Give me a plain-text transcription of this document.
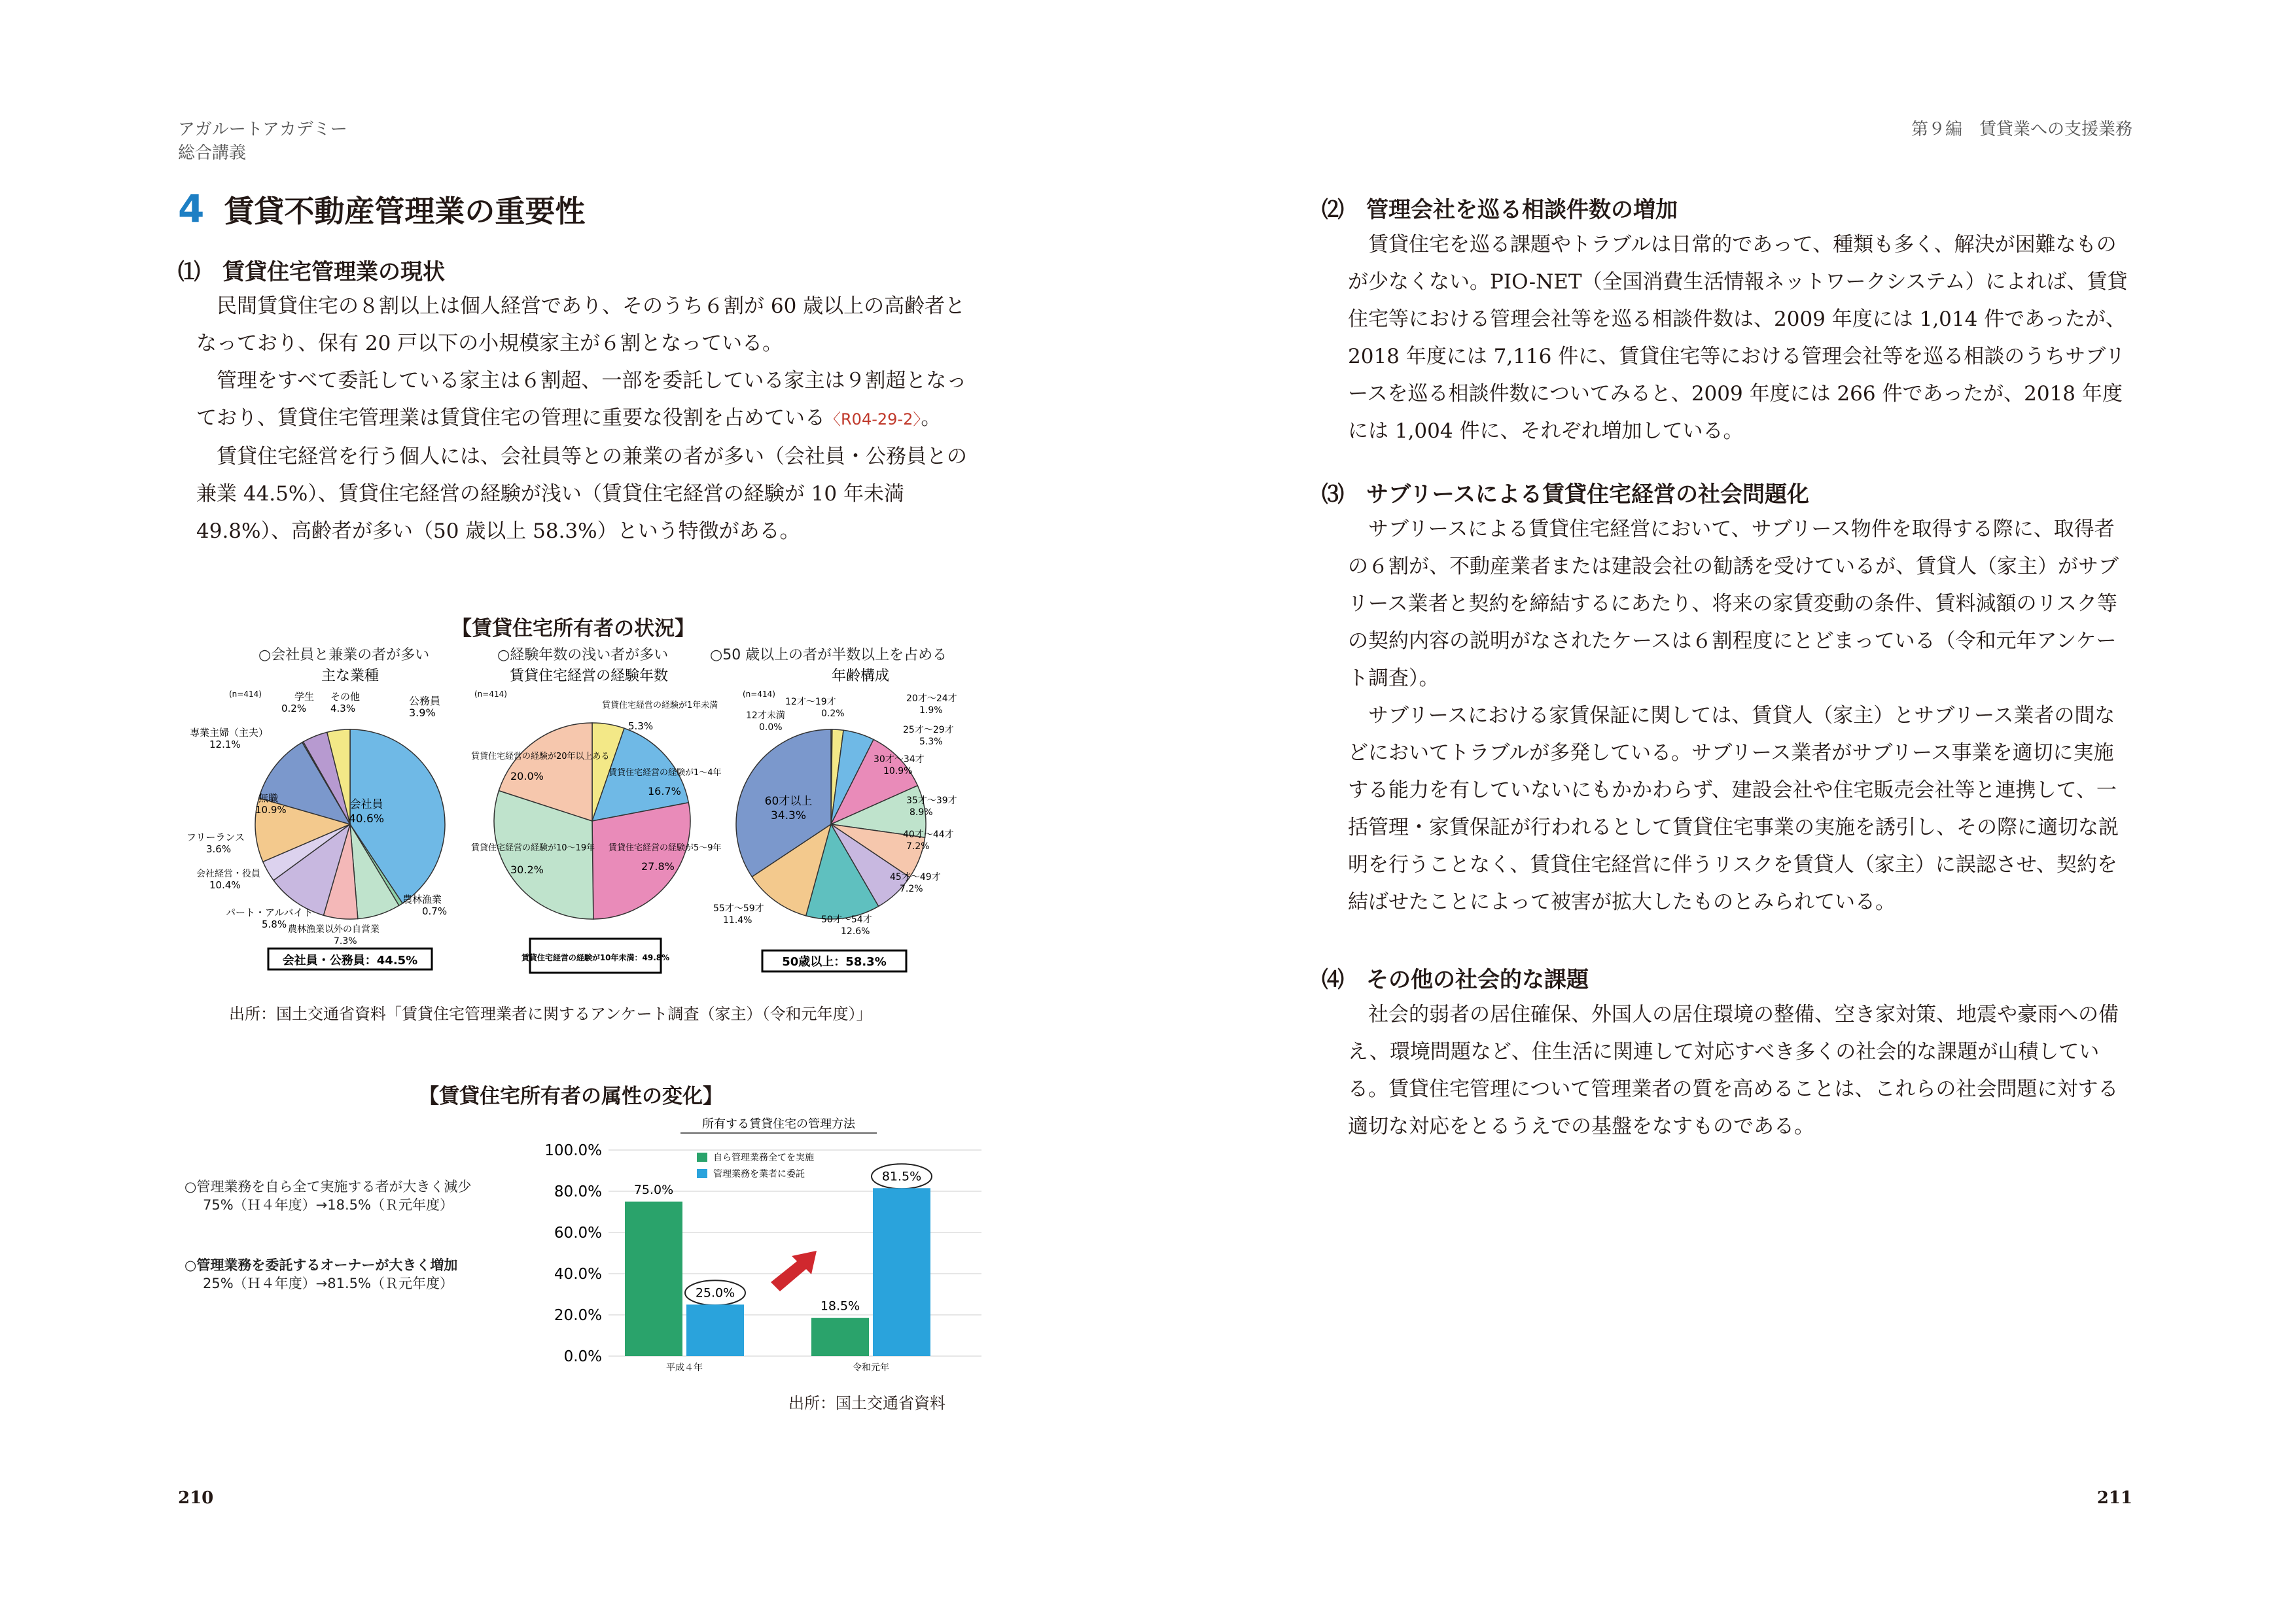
アガルートアカデミー
総合講義
第９編　賃貸業への支援業務
4 賃貸不動産管理業の重要性
⑴ 賃貸住宅管理業の現状

民間賃貸住宅の８割以上は個人経営であり、そのうち６割が 60 歳以上の高齢者となっており、保有 20 戸以下の小規模家主が６割となっている。

管理をすべて委託している家主は６割超、一部を委託している家主は９割超となっており、賃貸住宅管理業は賃貸住宅の管理に重要な役割を占めている〈R04-29-2〉。

賃貸住宅経営を行う個人には、会社員等との兼業の者が多い（会社員・公務員との兼業 44.5%）、賃貸住宅経営の経験が浅い（賃貸住宅経営の経験が 10 年未満 49.8%）、高齢者が多い（50 歳以上 58.3%）という特徴がある。

【賃貸住宅所有者の状況】
○会社員と兼業の者が多い	○経験年数の浅い者が多い	○50 歳以上の者が半数以上を占める
主な業種
(n=414)
会社員
40.6%
公務員
3.9%
その他
4.3%
学生
0.2%
専業主婦（主夫）
12.1%
無職
10.9%
フリーランス
3.6%
会社経営・役員
10.4%
パート・アルバイト
5.8% 農林漁業以外の自営業
7.3%
農林漁業
0.7%
会社員・公務員：44.5%
賃貸住宅経営の経験年数
(n=414)
賃貸住宅経営の経験が1年未満
5.3%
賃貸住宅経営の経験が1～4年
16.7%
賃貸住宅経営の経験が5～9年
27.8%
賃貸住宅経営の経験が10～19年
30.2%
賃貸住宅経営の経験が20年以上ある
20.0%
賃貸住宅経営の経験が10年未満：49.8%
年齢構成
(n=414)
12才未満
0.0%
12才～19才
0.2%
20才～24才
1.9%
25才～29才
5.3%
30才～34才
10.9%
35才～39才
8.9%
40才～44才
7.2%
45才～49才
7.2%
50才～54才
12.6%
55才～59才
11.4%
60才以上
34.3%
50歳以上：58.3%
出所：国土交通省資料「賃貸住宅管理業者に関するアンケート調査（家主）（令和元年度）」
【賃貸住宅所有者の属性の変化】
○管理業務を自ら全て実施する者が大きく減少
75%（Ｈ４年度）→18.5%（Ｒ元年度）
○管理業務を委託するオーナーが大きく増加
25%（Ｈ４年度）→81.5%（Ｒ元年度）
所有する賃貸住宅の管理方法
100.0%
80.0%
60.0%
40.0%
20.0%
0.0%
75.0%
25.0%
平成４年
18.5%
81.5%
令和元年
自ら管理業務全てを実施
管理業務を業者に委託
出所：国土交通省資料
210
⑵ 管理会社を巡る相談件数の増加

賃貸住宅を巡る課題やトラブルは日常的であって、種類も多く、解決が困難なものが少なくない。PIO-NET（全国消費生活情報ネットワークシステム）によれば、賃貸住宅等における管理会社等を巡る相談件数は、2009 年度には 1,014 件であったが、2018 年度には 7,116 件に、賃貸住宅等における管理会社等を巡る相談のうちサブリースを巡る相談件数についてみると、2009 年度には 266 件であったが、2018 年度には 1,004 件に、それぞれ増加している。

⑶ サブリースによる賃貸住宅経営の社会問題化

サブリースによる賃貸住宅経営において、サブリース物件を取得する際に、取得者の６割が、不動産業者または建設会社の勧誘を受けているが、賃貸人（家主）がサブリース業者と契約を締結するにあたり、将来の家賃変動の条件、賃料減額のリスク等の契約内容の説明がなされたケースは６割程度にとどまっている（令和元年アンケート調査）。

サブリースにおける家賃保証に関しては、賃貸人（家主）とサブリース業者の間などにおいてトラブルが多発している。サブリース業者がサブリース事業を適切に実施する能力を有していないにもかかわらず、建設会社や住宅販売会社等と連携して、一括管理・家賃保証が行われるとして賃貸住宅事業の実施を誘引し、その際に適切な説明を行うことなく、賃貸住宅経営に伴うリスクを賃貸人（家主）に誤認させ、契約を結ばせたことによって被害が拡大したものとみられている。

⑷ その他の社会的な課題

社会的弱者の居住確保、外国人の居住環境の整備、空き家対策、地震や豪雨への備え、環境問題など、住生活に関連して対応すべき多くの社会的な課題が山積している。賃貸住宅管理について管理業者の質を高めることは、これらの社会問題に対する適切な対応をとるうえでの基盤をなすものである。

211
